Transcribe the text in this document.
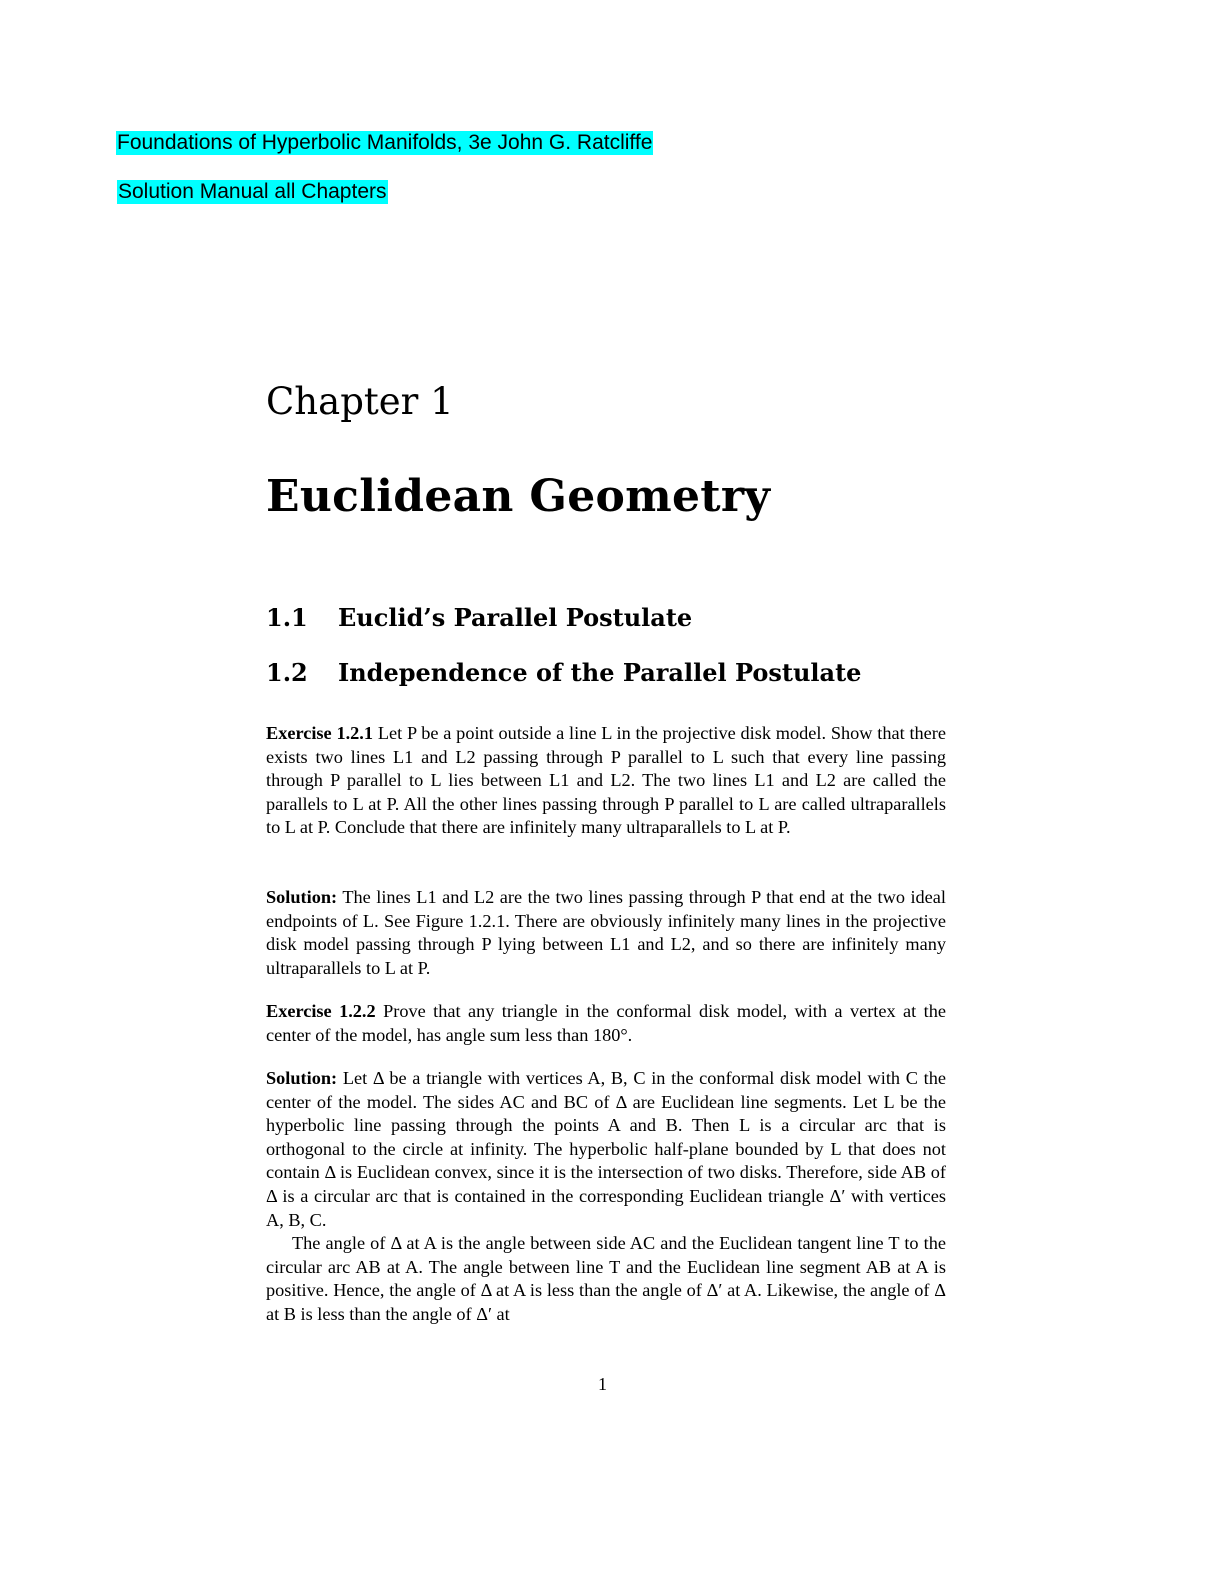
Foundations of Hyperbolic Manifolds, 3e John G. Ratcliffe
Solution Manual all Chapters
Chapter 1
Euclidean Geometry
1.1 Euclid’s Parallel Postulate
1.2 Independence of the Parallel Postulate
Exercise 1.2.1 Let P be a point outside a line L in the projective disk model. Show that there exists two lines L1 and L2 passing through P parallel to L such that every line passing through P parallel to L lies between L1 and L2. The two lines L1 and L2 are called the parallels to L at P. All the other lines passing through P parallel to L are called ultraparallels to L at P. Conclude that there are infinitely many ultraparallels to L at P.
Solution: The lines L1 and L2 are the two lines passing through P that end at the two ideal endpoints of L. See Figure 1.2.1. There are obviously infinitely many lines in the projective disk model passing through P lying between L1 and L2, and so there are infinitely many ultraparallels to L at P.
Exercise 1.2.2 Prove that any triangle in the conformal disk model, with a vertex at the center of the model, has angle sum less than 180°.
Solution: Let Δ be a triangle with vertices A, B, C in the conformal disk model with C the center of the model. The sides AC and BC of Δ are Euclidean line segments. Let L be the hyperbolic line passing through the points A and B. Then L is a circular arc that is orthogonal to the circle at infinity. The hyperbolic half-plane bounded by L that does not contain Δ is Euclidean convex, since it is the intersection of two disks. Therefore, side AB of Δ is a circular arc that is contained in the corresponding Euclidean triangle Δ′ with vertices A, B, C.
The angle of Δ at A is the angle between side AC and the Euclidean tangent line T to the circular arc AB at A. The angle between line T and the Euclidean line segment AB at A is positive. Hence, the angle of Δ at A is less than the angle of Δ′ at A. Likewise, the angle of Δ at B is less than the angle of Δ′ at
1
